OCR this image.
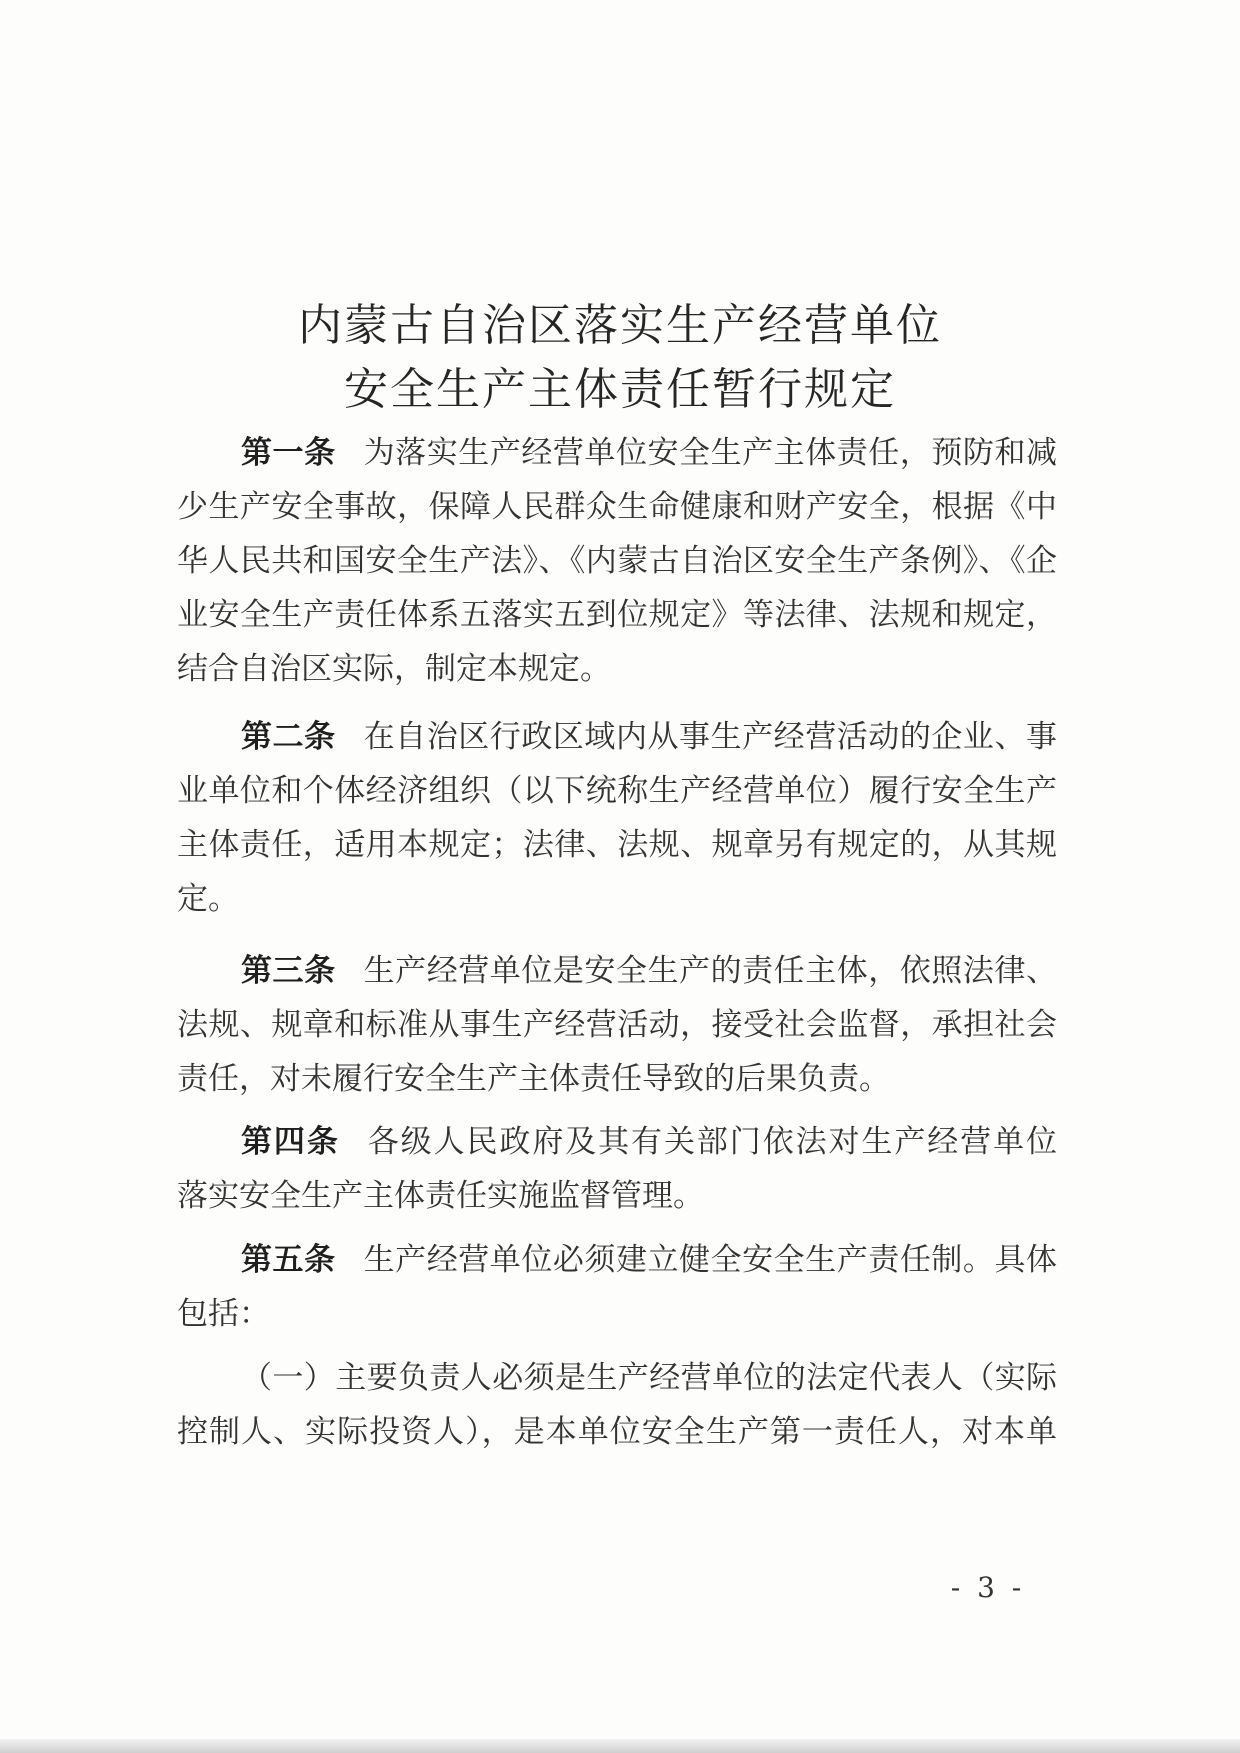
内蒙古自治区落实生产经营单位
安全生产主体责任暂行规定
第一条 为落实生产经营单位安全生产主体责任，预防和减
少生产安全事故，保障人民群众生命健康和财产安全，根据《中
华人民共和国安全生产法》、《内蒙古自治区安全生产条例》、《企
业安全生产责任体系五落实五到位规定》等法律、法规和规定，
结合自治区实际，制定本规定。
第二条 在自治区行政区域内从事生产经营活动的企业、事
业单位和个体经济组织（以下统称生产经营单位）履行安全生产
主体责任，适用本规定；法律、法规、规章另有规定的，从其规
定。
第三条 生产经营单位是安全生产的责任主体，依照法律、
法规、规章和标准从事生产经营活动，接受社会监督，承担社会
责任，对未履行安全生产主体责任导致的后果负责。
第四条 各级人民政府及其有关部门依法对生产经营单位
落实安全生产主体责任实施监督管理。
第五条 生产经营单位必须建立健全安全生产责任制。具体
包括：
（一）主要负责人必须是生产经营单位的法定代表人（实际
控制人、实际投资人），是本单位安全生产第一责任人，对本单
- 3 -
